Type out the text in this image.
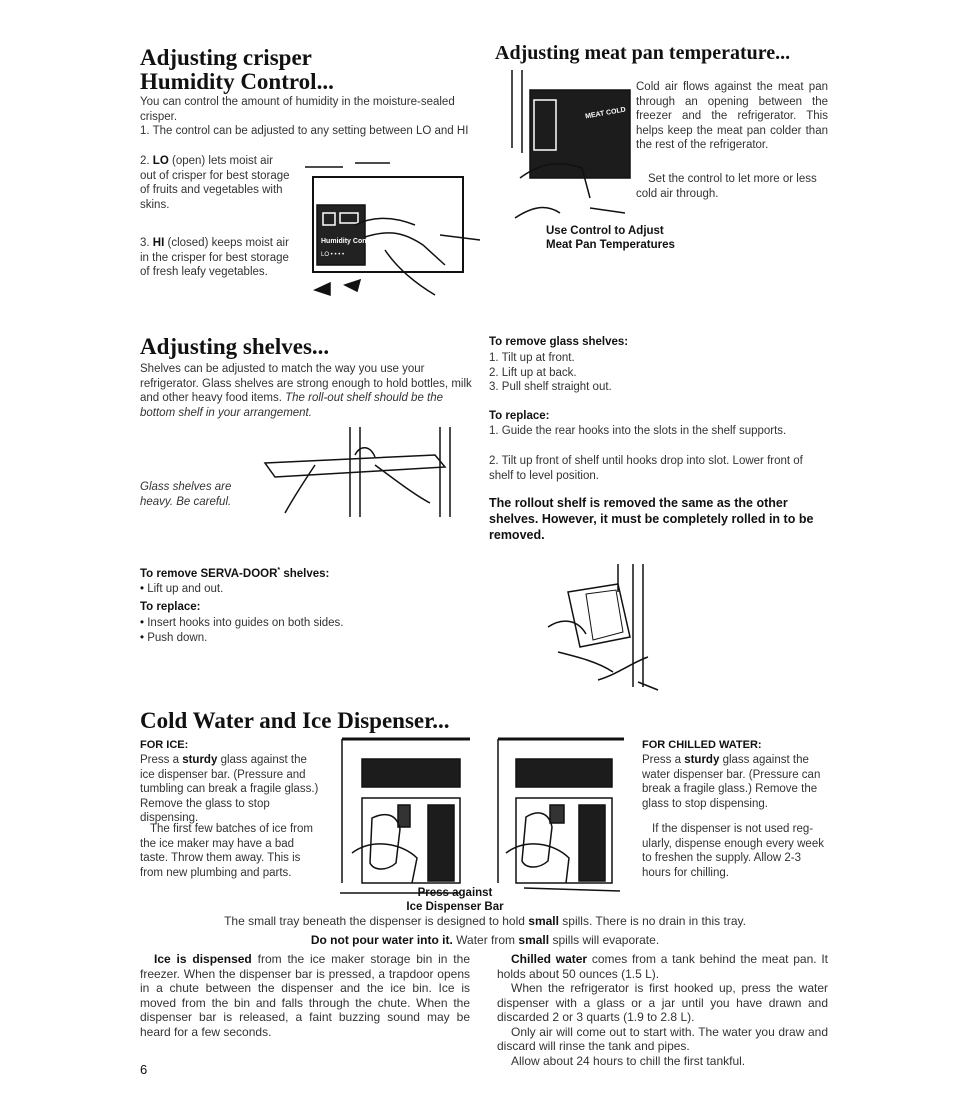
Adjusting crisper
Humidity Control...
You can control the amount of humidity in the moisture-sealed crisper.
1. The control can be adjusted to any setting between LO and HI
2. LO (open) lets moist air out of crisper for best storage of fruits and vegetables with skins.
3. HI (closed) keeps moist air in the crisper for best storage of fresh leafy vegetables.
Humidity Control
LO • • • •
Adjusting meat pan temperature...
MEAT COLD
Cold air flows against the meat pan through an opening between the freezer and the refrigerator. This helps keep the meat pan colder than the rest of the refrigerator.
Set the control to let more or less cold air through.
Use Control to Adjust
Meat Pan Temperatures
Adjusting shelves...
Shelves can be adjusted to match the way you use your refrigerator. Glass shelves are strong enough to hold bottles, milk and other heavy food items. The roll-out shelf should be the bottom shelf in your arrangement.
Glass shelves are
heavy. Be careful.
To remove glass shelves:
1. Tilt up at front.
2. Lift up at back.
3. Pull shelf straight out.
To replace:
1. Guide the rear hooks into the slots in the shelf supports.
2. Tilt up front of shelf until hooks drop into slot. Lower front of shelf to level position.
The rollout shelf is removed the same as the other shelves. However, it must be completely rolled in to be removed.
To remove SERVA-DOOR* shelves:
• Lift up and out.
To replace:
• Insert hooks into guides on both sides.
• Push down.
Cold Water and Ice Dispenser...
FOR ICE:
Press a sturdy glass against the ice dispenser bar. (Pressure and tumbling can break a fragile glass.) Remove the glass to stop dispensing.
The first few batches of ice from the ice maker may have a bad taste. Throw them away. This is from new plumbing and parts.
Press against
Ice Dispenser Bar
FOR CHILLED WATER:
Press a sturdy glass against the water dispenser bar. (Pressure can break a fragile glass.) Remove the glass to stop dispensing.
If the dispenser is not used regularly, dispense enough every week to freshen the supply. Allow 2-3 hours for chilling.
The small tray beneath the dispenser is designed to hold small spills. There is no drain in this tray.
Do not pour water into it. Water from small spills will evaporate.
Ice is dispensed from the ice maker storage bin in the freezer. When the dispenser bar is pressed, a trapdoor opens in a chute between the dispenser and the ice bin. Ice is moved from the bin and falls through the chute. When the dispenser bar is released, a faint buzzing sound may be heard for a few seconds.
Chilled water comes from a tank behind the meat pan. It holds about 50 ounces (1.5 L).
When the refrigerator is first hooked up, press the water dispenser with a glass or a jar until you have drawn and discarded 2 or 3 quarts (1.9 to 2.8 L).
Only air will come out to start with. The water you draw and discard will rinse the tank and pipes.
Allow about 24 hours to chill the first tankful.
6
